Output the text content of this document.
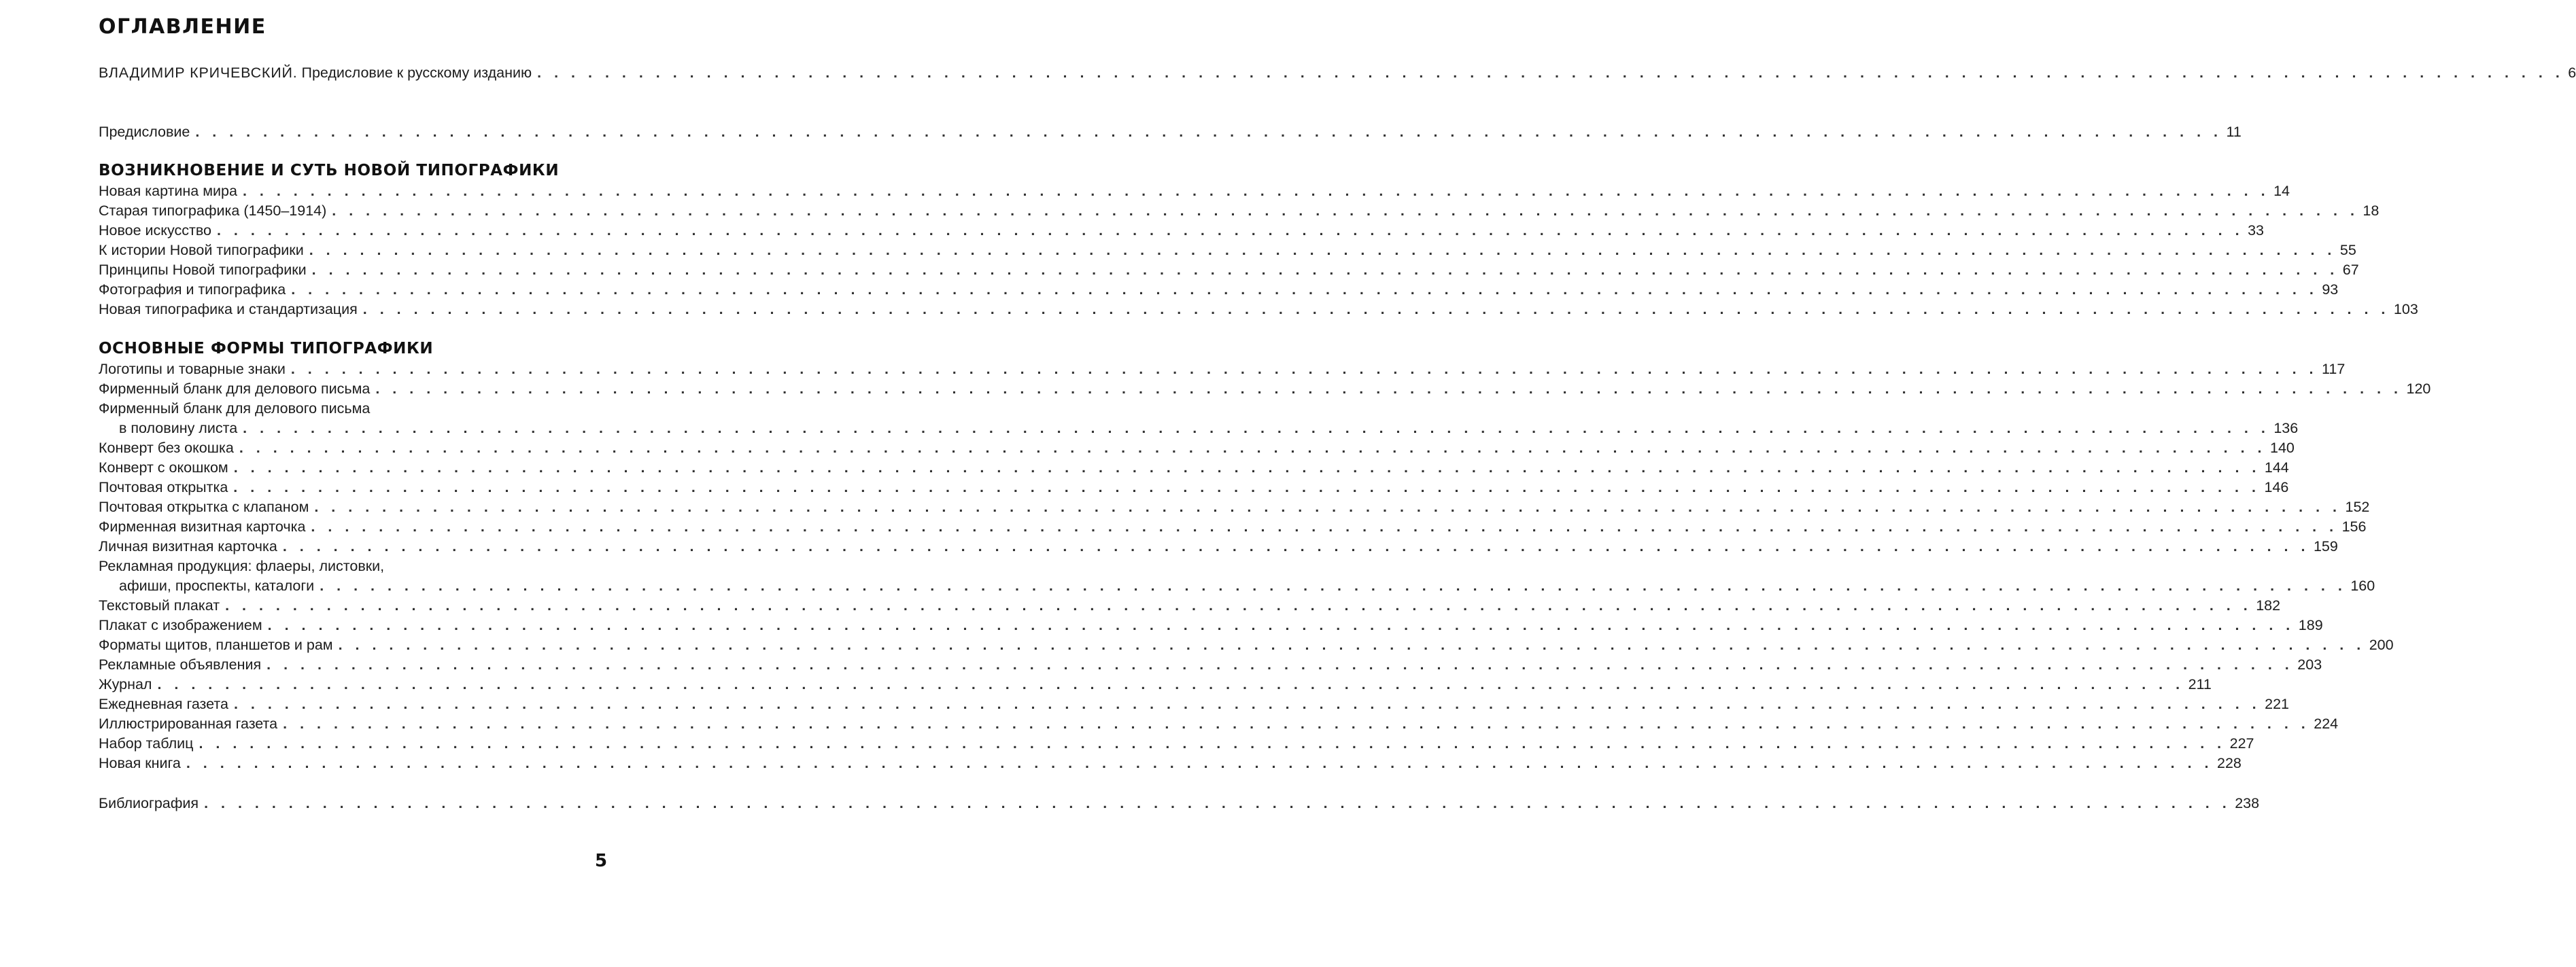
ОГЛАВЛЕНИЕ
ВЛАДИМИР КРИЧЕВСКИЙ. Предисловие к русскому изданию . . . . . . . . . . . . . . . . . . . . . . . . . . . . . . . . . . . . . . . . . . . . . . . . . . . . . . . . . . . . . . . . . . . . . . . . . . . . . . . . . . . . . . . . . . . . . . . . . . . . . . . . . . . . . . . . . . . . . . . . 6
Предисловие . . . . . . . . . . . . . . . . . . . . . . . . . . . . . . . . . . . . . . . . . . . . . . . . . . . . . . . . . . . . . . . . . . . . . . . . . . . . . . . . . . . . . . . . . . . . . . . . . . . . . . . . . . . . . . . . . . . . . . . . 11
ВОЗНИКНОВЕНИЕ И СУТЬ НОВОЙ ТИПОГРАФИКИ
Новая картина мира . . . . . . . . . . . . . . . . . . . . . . . . . . . . . . . . . . . . . . . . . . . . . . . . . . . . . . . . . . . . . . . . . . . . . . . . . . . . . . . . . . . . . . . . . . . . . . . . . . . . . . . . . . . . . . . . . . . . . . . . 14
Старая типографика (1450–1914) . . . . . . . . . . . . . . . . . . . . . . . . . . . . . . . . . . . . . . . . . . . . . . . . . . . . . . . . . . . . . . . . . . . . . . . . . . . . . . . . . . . . . . . . . . . . . . . . . . . . . . . . . . . . . . . . . . . . . . . . 18
Новое искусство . . . . . . . . . . . . . . . . . . . . . . . . . . . . . . . . . . . . . . . . . . . . . . . . . . . . . . . . . . . . . . . . . . . . . . . . . . . . . . . . . . . . . . . . . . . . . . . . . . . . . . . . . . . . . . . . . . . . . . . . 33
К истории Новой типографики . . . . . . . . . . . . . . . . . . . . . . . . . . . . . . . . . . . . . . . . . . . . . . . . . . . . . . . . . . . . . . . . . . . . . . . . . . . . . . . . . . . . . . . . . . . . . . . . . . . . . . . . . . . . . . . . . . . . . . . . 55
Принципы Новой типографики . . . . . . . . . . . . . . . . . . . . . . . . . . . . . . . . . . . . . . . . . . . . . . . . . . . . . . . . . . . . . . . . . . . . . . . . . . . . . . . . . . . . . . . . . . . . . . . . . . . . . . . . . . . . . . . . . . . . . . . . 67
Фотография и типографика . . . . . . . . . . . . . . . . . . . . . . . . . . . . . . . . . . . . . . . . . . . . . . . . . . . . . . . . . . . . . . . . . . . . . . . . . . . . . . . . . . . . . . . . . . . . . . . . . . . . . . . . . . . . . . . . . . . . . . . . 93
Новая типографика и стандартизация . . . . . . . . . . . . . . . . . . . . . . . . . . . . . . . . . . . . . . . . . . . . . . . . . . . . . . . . . . . . . . . . . . . . . . . . . . . . . . . . . . . . . . . . . . . . . . . . . . . . . . . . . . . . . . . . . . . . . . . . 103
ОСНОВНЫЕ ФОРМЫ ТИПОГРАФИКИ
Логотипы и товарные знаки . . . . . . . . . . . . . . . . . . . . . . . . . . . . . . . . . . . . . . . . . . . . . . . . . . . . . . . . . . . . . . . . . . . . . . . . . . . . . . . . . . . . . . . . . . . . . . . . . . . . . . . . . . . . . . . . . . . . . . . . 117
Фирменный бланк для делового письма . . . . . . . . . . . . . . . . . . . . . . . . . . . . . . . . . . . . . . . . . . . . . . . . . . . . . . . . . . . . . . . . . . . . . . . . . . . . . . . . . . . . . . . . . . . . . . . . . . . . . . . . . . . . . . . . . . . . . . . . 120
Фирменный бланк для делового письма
в половину листа . . . . . . . . . . . . . . . . . . . . . . . . . . . . . . . . . . . . . . . . . . . . . . . . . . . . . . . . . . . . . . . . . . . . . . . . . . . . . . . . . . . . . . . . . . . . . . . . . . . . . . . . . . . . . . . . . . . . . . . . 136
Конверт без окошка . . . . . . . . . . . . . . . . . . . . . . . . . . . . . . . . . . . . . . . . . . . . . . . . . . . . . . . . . . . . . . . . . . . . . . . . . . . . . . . . . . . . . . . . . . . . . . . . . . . . . . . . . . . . . . . . . . . . . . . . 140
Конверт с окошком . . . . . . . . . . . . . . . . . . . . . . . . . . . . . . . . . . . . . . . . . . . . . . . . . . . . . . . . . . . . . . . . . . . . . . . . . . . . . . . . . . . . . . . . . . . . . . . . . . . . . . . . . . . . . . . . . . . . . . . . 144
Почтовая открытка . . . . . . . . . . . . . . . . . . . . . . . . . . . . . . . . . . . . . . . . . . . . . . . . . . . . . . . . . . . . . . . . . . . . . . . . . . . . . . . . . . . . . . . . . . . . . . . . . . . . . . . . . . . . . . . . . . . . . . . . 146
Почтовая открытка с клапаном . . . . . . . . . . . . . . . . . . . . . . . . . . . . . . . . . . . . . . . . . . . . . . . . . . . . . . . . . . . . . . . . . . . . . . . . . . . . . . . . . . . . . . . . . . . . . . . . . . . . . . . . . . . . . . . . . . . . . . . . 152
Фирменная визитная карточка . . . . . . . . . . . . . . . . . . . . . . . . . . . . . . . . . . . . . . . . . . . . . . . . . . . . . . . . . . . . . . . . . . . . . . . . . . . . . . . . . . . . . . . . . . . . . . . . . . . . . . . . . . . . . . . . . . . . . . . . 156
Личная визитная карточка . . . . . . . . . . . . . . . . . . . . . . . . . . . . . . . . . . . . . . . . . . . . . . . . . . . . . . . . . . . . . . . . . . . . . . . . . . . . . . . . . . . . . . . . . . . . . . . . . . . . . . . . . . . . . . . . . . . . . . . . 159
Рекламная продукция: флаеры, листовки,
афиши, проспекты, каталоги . . . . . . . . . . . . . . . . . . . . . . . . . . . . . . . . . . . . . . . . . . . . . . . . . . . . . . . . . . . . . . . . . . . . . . . . . . . . . . . . . . . . . . . . . . . . . . . . . . . . . . . . . . . . . . . . . . . . . . . . 160
Текстовый плакат . . . . . . . . . . . . . . . . . . . . . . . . . . . . . . . . . . . . . . . . . . . . . . . . . . . . . . . . . . . . . . . . . . . . . . . . . . . . . . . . . . . . . . . . . . . . . . . . . . . . . . . . . . . . . . . . . . . . . . . . 182
Плакат с изображением . . . . . . . . . . . . . . . . . . . . . . . . . . . . . . . . . . . . . . . . . . . . . . . . . . . . . . . . . . . . . . . . . . . . . . . . . . . . . . . . . . . . . . . . . . . . . . . . . . . . . . . . . . . . . . . . . . . . . . . . 189
Форматы щитов, планшетов и рам . . . . . . . . . . . . . . . . . . . . . . . . . . . . . . . . . . . . . . . . . . . . . . . . . . . . . . . . . . . . . . . . . . . . . . . . . . . . . . . . . . . . . . . . . . . . . . . . . . . . . . . . . . . . . . . . . . . . . . . . 200
Рекламные объявления . . . . . . . . . . . . . . . . . . . . . . . . . . . . . . . . . . . . . . . . . . . . . . . . . . . . . . . . . . . . . . . . . . . . . . . . . . . . . . . . . . . . . . . . . . . . . . . . . . . . . . . . . . . . . . . . . . . . . . . . 203
Журнал . . . . . . . . . . . . . . . . . . . . . . . . . . . . . . . . . . . . . . . . . . . . . . . . . . . . . . . . . . . . . . . . . . . . . . . . . . . . . . . . . . . . . . . . . . . . . . . . . . . . . . . . . . . . . . . . . . . . . . . . 211
Ежедневная газета . . . . . . . . . . . . . . . . . . . . . . . . . . . . . . . . . . . . . . . . . . . . . . . . . . . . . . . . . . . . . . . . . . . . . . . . . . . . . . . . . . . . . . . . . . . . . . . . . . . . . . . . . . . . . . . . . . . . . . . . 221
Иллюстрированная газета . . . . . . . . . . . . . . . . . . . . . . . . . . . . . . . . . . . . . . . . . . . . . . . . . . . . . . . . . . . . . . . . . . . . . . . . . . . . . . . . . . . . . . . . . . . . . . . . . . . . . . . . . . . . . . . . . . . . . . . . 224
Набор таблиц . . . . . . . . . . . . . . . . . . . . . . . . . . . . . . . . . . . . . . . . . . . . . . . . . . . . . . . . . . . . . . . . . . . . . . . . . . . . . . . . . . . . . . . . . . . . . . . . . . . . . . . . . . . . . . . . . . . . . . . . 227
Новая книга . . . . . . . . . . . . . . . . . . . . . . . . . . . . . . . . . . . . . . . . . . . . . . . . . . . . . . . . . . . . . . . . . . . . . . . . . . . . . . . . . . . . . . . . . . . . . . . . . . . . . . . . . . . . . . . . . . . . . . . . 228
Библиография . . . . . . . . . . . . . . . . . . . . . . . . . . . . . . . . . . . . . . . . . . . . . . . . . . . . . . . . . . . . . . . . . . . . . . . . . . . . . . . . . . . . . . . . . . . . . . . . . . . . . . . . . . . . . . . . . . . . . . . . 238
5
